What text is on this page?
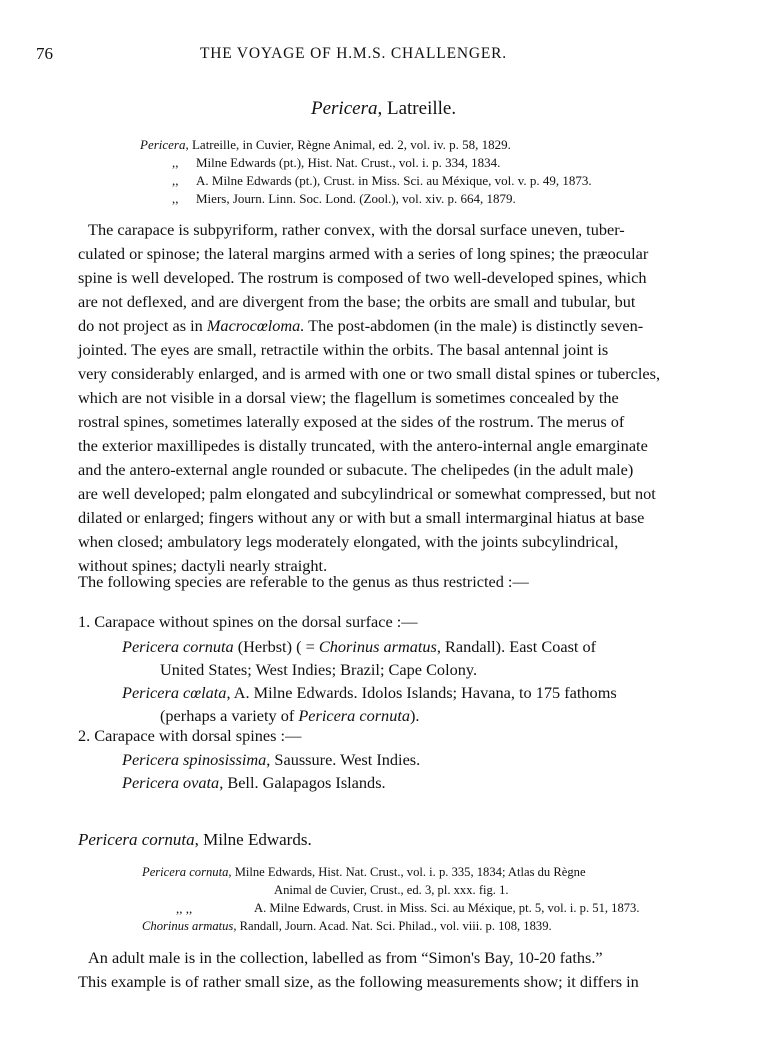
76	THE VOYAGE OF H.M.S. CHALLENGER.
Pericera, Latreille.
Pericera, Latreille, in Cuvier, Règne Animal, ed. 2, vol. iv. p. 58, 1829.
,, Milne Edwards (pt.), Hist. Nat. Crust., vol. i. p. 334, 1834.
,, A. Milne Edwards (pt.), Crust. in Miss. Sci. au Méxique, vol. v. p. 49, 1873.
,, Miers, Journ. Linn. Soc. Lond. (Zool.), vol. xiv. p. 664, 1879.
The carapace is subpyriform, rather convex, with the dorsal surface uneven, tuber-
culated or spinose; the lateral margins armed with a series of long spines; the præocular
spine is well developed. The rostrum is composed of two well-developed spines, which
are not deflexed, and are divergent from the base; the orbits are small and tubular, but
do not project as in Macrocœloma. The post-abdomen (in the male) is distinctly seven-
jointed. The eyes are small, retractile within the orbits. The basal antennal joint is
very considerably enlarged, and is armed with one or two small distal spines or tubercles,
which are not visible in a dorsal view; the flagellum is sometimes concealed by the
rostral spines, sometimes laterally exposed at the sides of the rostrum. The merus of
the exterior maxillipedes is distally truncated, with the antero-internal angle emarginate
and the antero-external angle rounded or subacute. The chelipedes (in the adult male)
are well developed; palm elongated and subcylindrical or somewhat compressed, but not
dilated or enlarged; fingers without any or with but a small intermarginal hiatus at base
when closed; ambulatory legs moderately elongated, with the joints subcylindrical,
without spines; dactyli nearly straight.
The following species are referable to the genus as thus restricted :—
1. Carapace without spines on the dorsal surface :—
Pericera cornuta (Herbst) ( = Chorinus armatus, Randall). East Coast of
United States; West Indies; Brazil; Cape Colony.
Pericera cœlata, A. Milne Edwards. Idolos Islands; Havana, to 175 fathoms
(perhaps a variety of Pericera cornuta).
2. Carapace with dorsal spines :—
Pericera spinosissima, Saussure. West Indies.
Pericera ovata, Bell. Galapagos Islands.
Pericera cornuta, Milne Edwards.
Pericera cornuta, Milne Edwards, Hist. Nat. Crust., vol. i. p. 335, 1834; Atlas du Règne
Animal de Cuvier, Crust., ed. 3, pl. xxx. fig. 1.
,, ,,	A. Milne Edwards, Crust. in Miss. Sci. au Méxique, pt. 5, vol. i. p. 51, 1873.
Chorinus armatus, Randall, Journ. Acad. Nat. Sci. Philad., vol. viii. p. 108, 1839.
An adult male is in the collection, labelled as from “Simon's Bay, 10-20 faths.”
This example is of rather small size, as the following measurements show; it differs in
